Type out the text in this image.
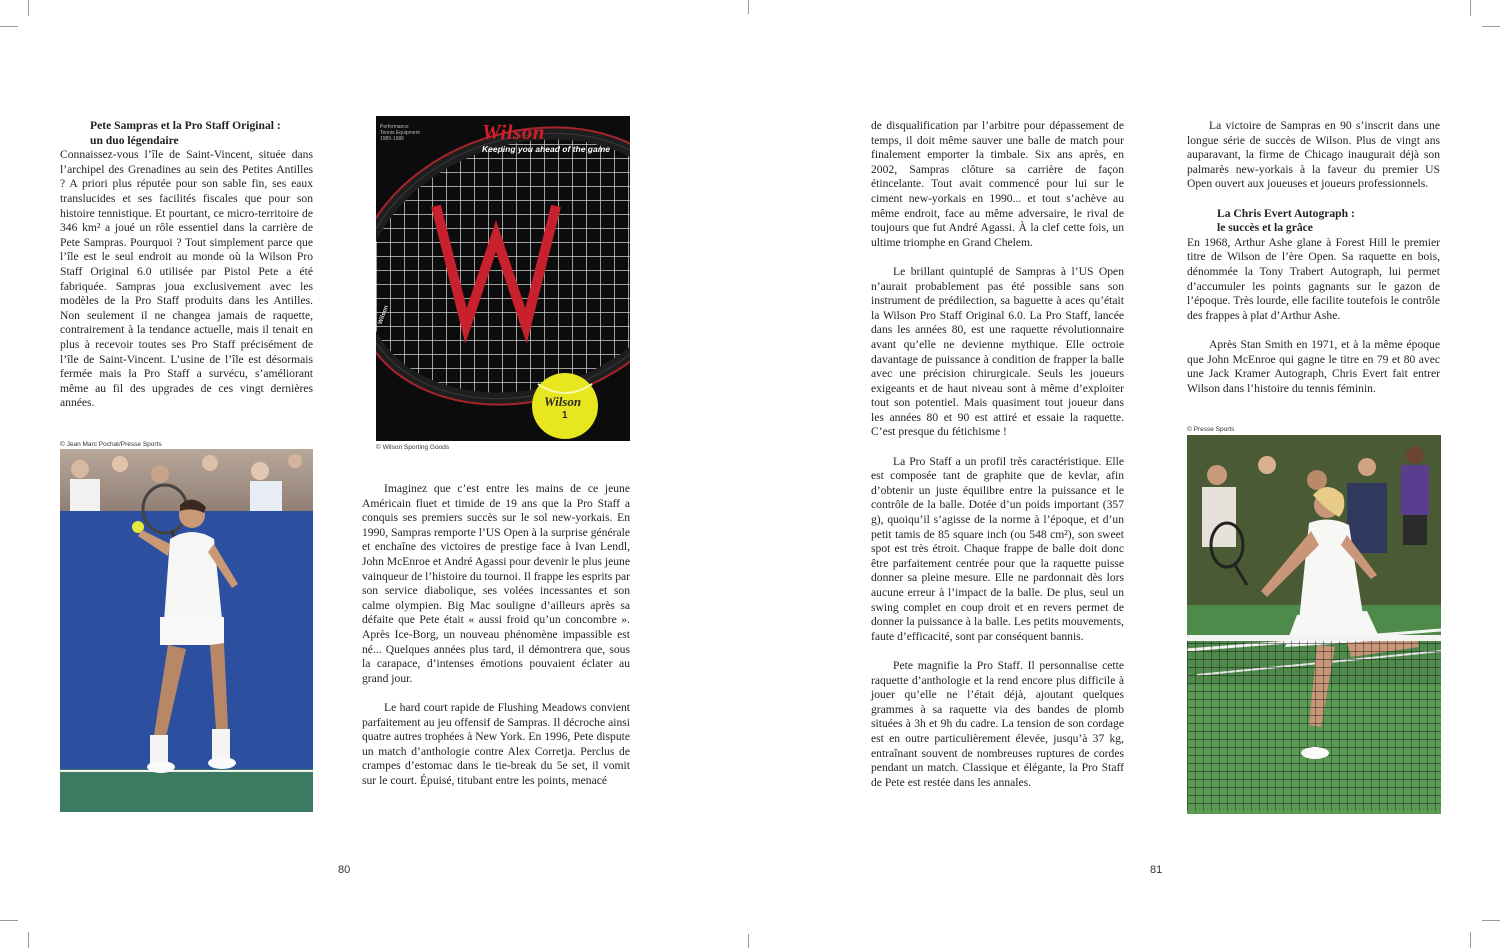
Pete Sampras et la Pro Staff Original :
un duo légendaire

Connaissez-vous l’île de Saint-Vincent, située dans l’archipel des Grenadines au sein des Petites Antilles ? A priori plus réputée pour son sable fin, ses eaux translucides et ses facilités fiscales que pour son histoire tennistique. Et pourtant, ce micro-territoire de 346 km² a joué un rôle essentiel dans la carrière de Pete Sampras. Pourquoi ? Tout simplement parce que l’île est le seul endroit au monde où la Wilson Pro Staff Original 6.0 utilisée par Pistol Pete a été fabriquée. Sampras joua exclusivement avec les modèles de la Pro Staff produits dans les Antilles. Non seulement il ne changea jamais de raquette, contrairement à la tendance actuelle, mais il tenait en plus à recevoir toutes ses Pro Staff précisément de l’île de Saint-Vincent. L’usine de l’île est désormais fermée mais la Pro Staff a survécu, s’améliorant même au fil des upgrades de ces vingt dernières années.

© Jean Marc Pochat/Presse Sports
Performance
Tennis Equipment
1985-1986	Wilson
Keeping you ahead of the game
Wilson
Wilson
1
© Wilson Sporting Goods

Imaginez que c’est entre les mains de ce jeune Américain fluet et timide de 19 ans que la Pro Staff a conquis ses premiers succès sur le sol new-yorkais. En 1990, Sampras remporte l’US Open à la surprise générale et enchaîne des victoires de prestige face à Ivan Lendl, John McEnroe et André Agassi pour devenir le plus jeune vainqueur de l’histoire du tournoi. Il frappe les esprits par son service diabolique, ses volées incessantes et son calme olympien. Big Mac souligne d’ailleurs après sa défaite que Pete était « aussi froid qu’un concombre ». Après Ice-Borg, un nouveau phénomène impassible est né... Quelques années plus tard, il démontrera que, sous la carapace, d’intenses émotions pouvaient éclater au grand jour.

Le hard court rapide de Flushing Meadows convient parfaitement au jeu offensif de Sampras. Il décroche ainsi quatre autres trophées à New York. En 1996, Pete dispute un match d’anthologie contre Alex Corretja. Perclus de crampes d’estomac dans le tie-break du 5e set, il vomit sur le court. Épuisé, titubant entre les points, menacé

80

de disqualification par l’arbitre pour dépassement de temps, il doit même sauver une balle de match pour finalement emporter la timbale. Six ans après, en 2002, Sampras clôture sa carrière de façon étincelante. Tout avait commencé pour lui sur le ciment new-yorkais en 1990... et tout s’achève au même endroit, face au même adversaire, le rival de toujours que fut André Agassi. À la clef cette fois, un ultime triomphe en Grand Chelem.

Le brillant quintuplé de Sampras à l’US Open n’aurait probablement pas été possible sans son instrument de prédilection, sa baguette à aces qu’était la Wilson Pro Staff Original 6.0. La Pro Staff, lancée dans les années 80, est une raquette révolutionnaire avant qu’elle ne devienne mythique. Elle octroie davantage de puissance à condition de frapper la balle avec une précision chirurgicale. Seuls les joueurs exigeants et de haut niveau sont à même d’exploiter tout son potentiel. Mais quasiment tout joueur dans les années 80 et 90 est attiré et essaie la raquette. C’est presque du fétichisme !

La Pro Staff a un profil très caractéristique. Elle est composée tant de graphite que de kevlar, afin d’obtenir un juste équilibre entre la puissance et le contrôle de la balle. Dotée d’un poids important (357 g), quoiqu’il s’agisse de la norme à l’époque, et d’un petit tamis de 85 square inch (ou 548 cm²), son sweet spot est très étroit. Chaque frappe de balle doit donc être parfaitement centrée pour que la raquette puisse donner sa pleine mesure. Elle ne pardonnait dès lors aucune erreur à l’impact de la balle. De plus, seul un swing complet en coup droit et en revers permet de donner la puissance à la balle. Les petits mouvements, faute d’efficacité, sont par conséquent bannis.

Pete magnifie la Pro Staff. Il personnalise cette raquette d’anthologie et la rend encore plus difficile à jouer qu’elle ne l’était déjà, ajoutant quelques grammes à sa raquette via des bandes de plomb situées à 3h et 9h du cadre. La tension de son cordage est en outre particulièrement élevée, jusqu’à 37 kg, entraînant souvent de nombreuses ruptures de cordes pendant un match. Classique et élégante, la Pro Staff de Pete est restée dans les annales.

La victoire de Sampras en 90 s’inscrit dans une longue série de succès de Wilson. Plus de vingt ans auparavant, la firme de Chicago inaugurait déjà son palmarès new-yorkais à la faveur du premier US Open ouvert aux joueuses et joueurs professionnels.

La Chris Evert Autograph :
le succès et la grâce

En 1968, Arthur Ashe glane à Forest Hill le premier titre de Wilson de l’ère Open. Sa raquette en bois, dénommée la Tony Trabert Autograph, lui permet d’accumuler les points gagnants sur le gazon de l’époque. Très lourde, elle facilite toutefois le contrôle des frappes à plat d’Arthur Ashe.

Après Stan Smith en 1971, et à la même époque que John McEnroe qui gagne le titre en 79 et 80 avec une Jack Kramer Autograph, Chris Evert fait entrer Wilson dans l’histoire du tennis féminin.

© Presse Sports
81
